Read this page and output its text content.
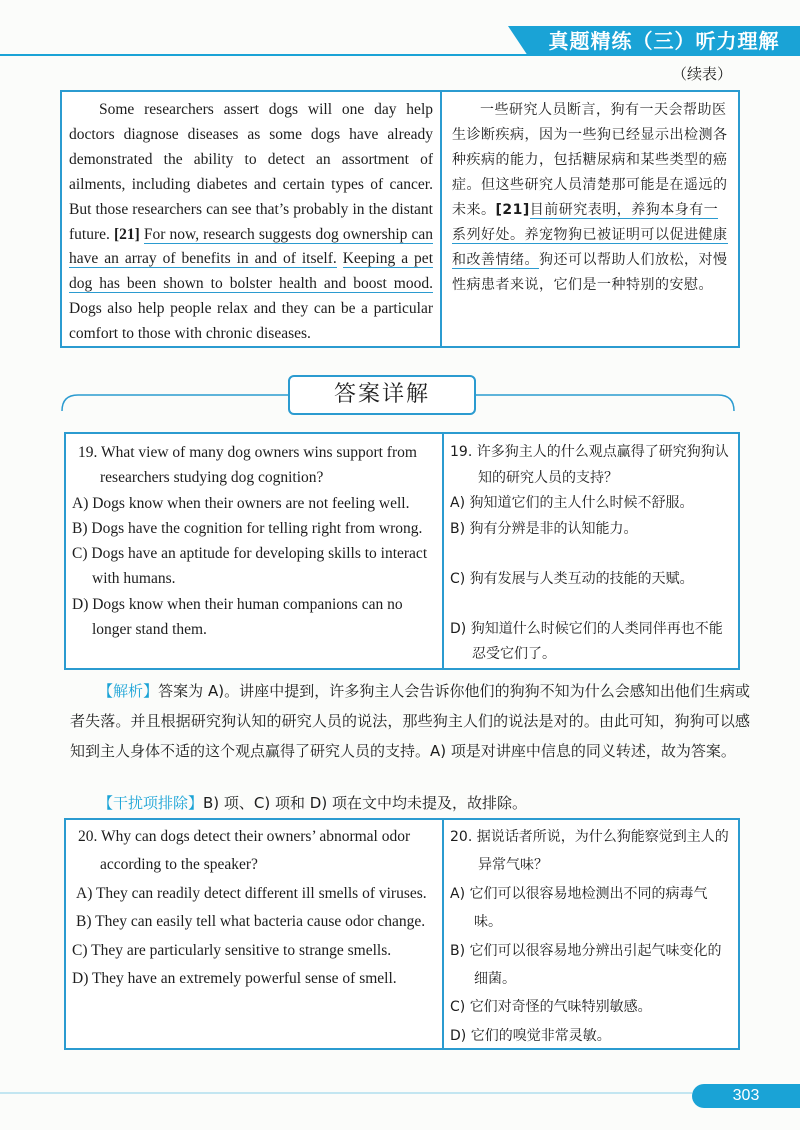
真题精练（三）听力理解
（续表）
Some researchers assert dogs will one day help doctors diagnose diseases as some dogs have already demonstrated the ability to detect an assortment of ailments, including diabetes and certain types of cancer. But those researchers can see that’s probably in the distant future. [21] For now, research suggests dog ownership can have an array of benefits in and of itself. Keeping a pet dog has been shown to bolster health and boost mood. Dogs also help people relax and they can be a particular comfort to those with chronic diseases.
一些研究人员断言，狗有一天会帮助医生诊断疾病，因为一些狗已经显示出检测各种疾病的能力，包括糖尿病和某些类型的癌症。但这些研究人员清楚那可能是在遥远的未来。[21]目前研究表明，养狗本身有一系列好处。养宠物狗已被证明可以促进健康和改善情绪。狗还可以帮助人们放松，对慢性病患者来说，它们是一种特别的安慰。
答案详解
19. What view of many dog owners wins support from researchers studying dog cognition?
A) Dogs know when their owners are not feeling well.
B) Dogs have the cognition for telling right from wrong.
C) Dogs have an aptitude for developing skills to interact with humans.
D) Dogs know when their human companions can no longer stand them.
19. 许多狗主人的什么观点赢得了研究狗狗认知的研究人员的支持？
A) 狗知道它们的主人什么时候不舒服。
B) 狗有分辨是非的认知能力。
C) 狗有发展与人类互动的技能的天赋。
D) 狗知道什么时候它们的人类同伴再也不能忍受它们了。
【解析】答案为 A)。讲座中提到，许多狗主人会告诉你他们的狗狗不知为什么会感知出他们生病或者失落。并且根据研究狗认知的研究人员的说法，那些狗主人们的说法是对的。由此可知，狗狗可以感知到主人身体不适的这个观点赢得了研究人员的支持。A) 项是对讲座中信息的同义转述，故为答案。
【干扰项排除】B) 项、C) 项和 D) 项在文中均未提及，故排除。
20. Why can dogs detect their owners’ abnormal odor according to the speaker?
A) They can readily detect different ill smells of viruses.
B) They can easily tell what bacteria cause odor change.
C) They are particularly sensitive to strange smells.
D) They have an extremely powerful sense of smell.
20. 据说话者所说，为什么狗能察觉到主人的异常气味？
A) 它们可以很容易地检测出不同的病毒气味。
B) 它们可以很容易地分辨出引起气味变化的细菌。
C) 它们对奇怪的气味特别敏感。
D) 它们的嗅觉非常灵敏。
303
